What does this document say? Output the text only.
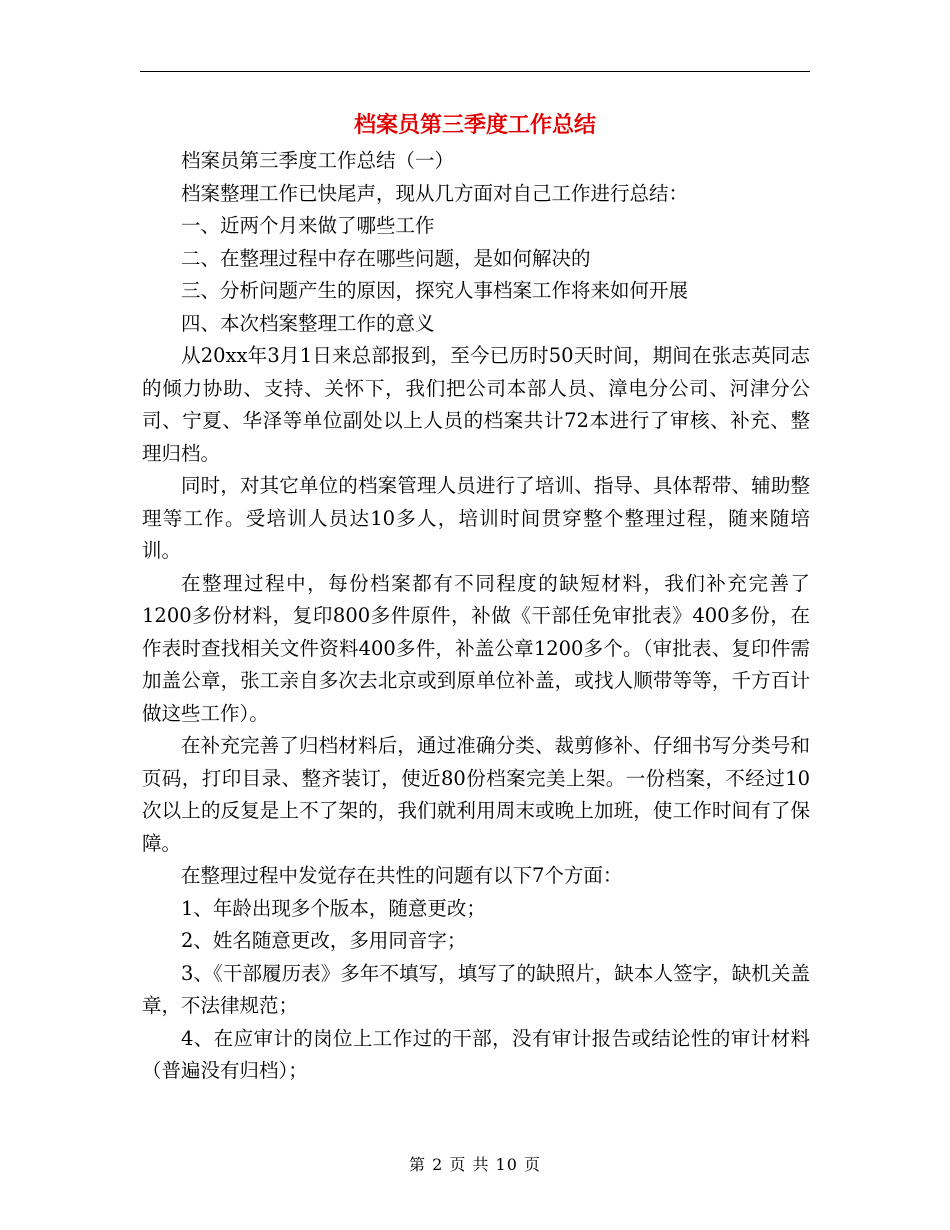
档案员第三季度工作总结

档案员第三季度工作总结（一）

档案整理工作已快尾声，现从几方面对自己工作进行总结：

一、近两个月来做了哪些工作

二、在整理过程中存在哪些问题，是如何解决的

三、分析问题产生的原因，探究人事档案工作将来如何开展

四、本次档案整理工作的意义

从20xx年3月1日来总部报到，至今已历时50天时间，期间在张志英同志的倾力协助、支持、关怀下，我们把公司本部人员、漳电分公司、河津分公司、宁夏、华泽等单位副处以上人员的档案共计72本进行了审核、补充、整理归档。

同时，对其它单位的档案管理人员进行了培训、指导、具体帮带、辅助整理等工作。受培训人员达10多人，培训时间贯穿整个整理过程，随来随培训。

在整理过程中，每份档案都有不同程度的缺短材料，我们补充完善了1200多份材料，复印800多件原件，补做《干部任免审批表》400多份，在作表时查找相关文件资料400多件，补盖公章1200多个。（审批表、复印件需加盖公章，张工亲自多次去北京或到原单位补盖，或找人顺带等等，千方百计做这些工作）。

在补充完善了归档材料后，通过准确分类、裁剪修补、仔细书写分类号和页码，打印目录、整齐装订，使近80份档案完美上架。一份档案，不经过10次以上的反复是上不了架的，我们就利用周末或晚上加班，使工作时间有了保障。

在整理过程中发觉存在共性的问题有以下7个方面：

1、年龄出现多个版本，随意更改；

2、姓名随意更改，多用同音字；

3、《干部履历表》多年不填写，填写了的缺照片，缺本人签字，缺机关盖章，不法律规范；

4、在应审计的岗位上工作过的干部，没有审计报告或结论性的审计材料（普遍没有归档）；

第 2 页 共 10 页
